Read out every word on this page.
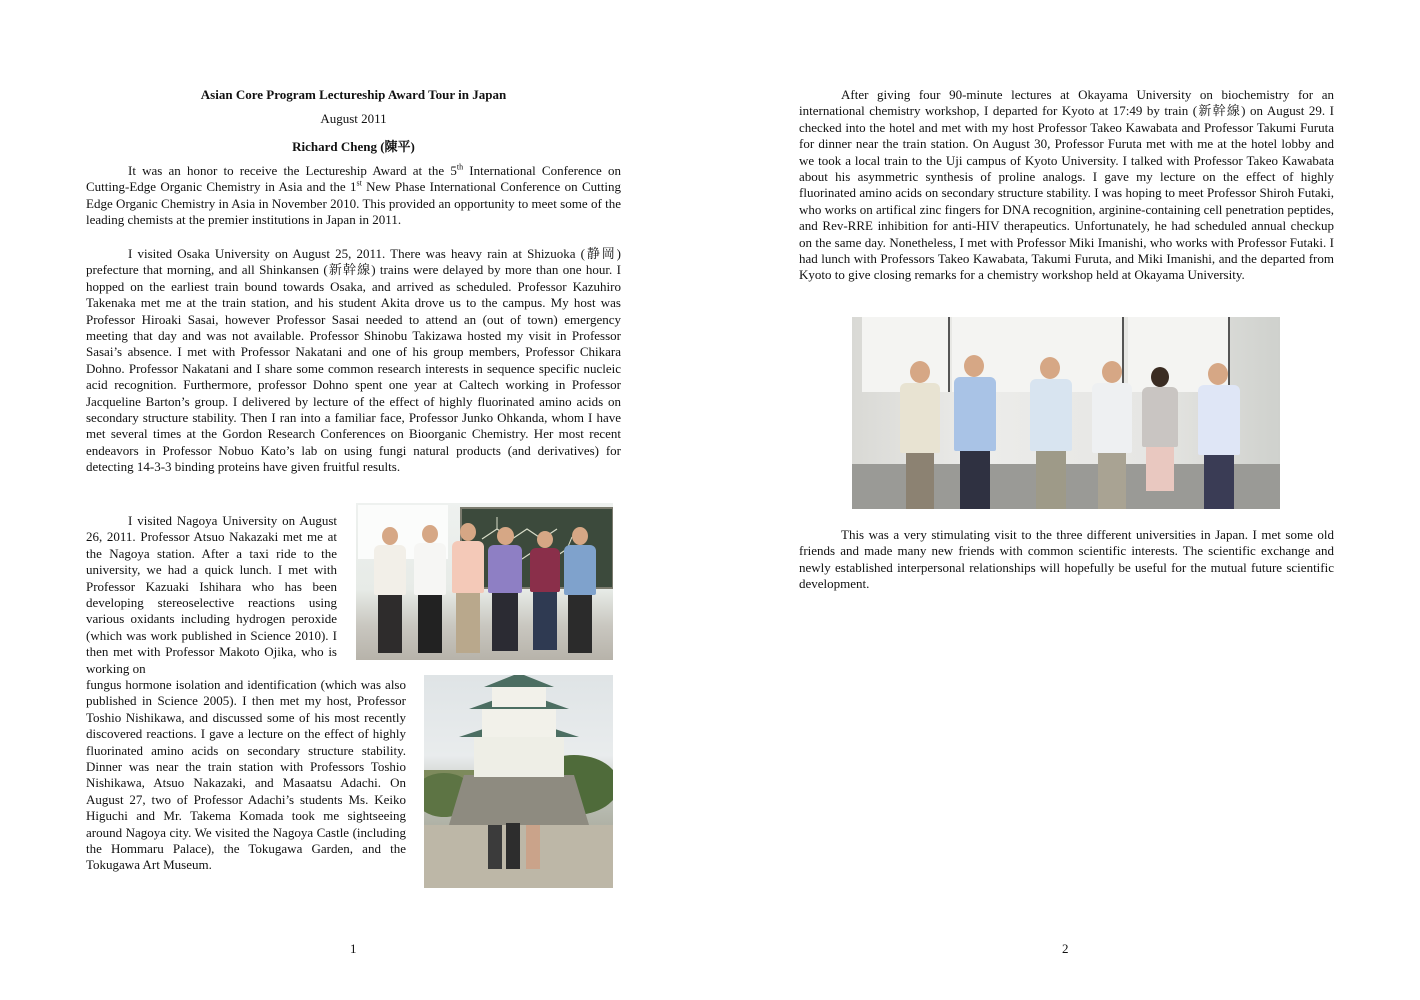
Asian Core Program Lectureship Award Tour in Japan
August 2011
Richard Cheng (陳平)

It was an honor to receive the Lectureship Award at the 5th International Conference on Cutting-Edge Organic Chemistry in Asia and the 1st New Phase International Conference on Cutting Edge Organic Chemistry in Asia in November 2010. This provided an opportunity to meet some of the leading chemists at the premier institutions in Japan in 2011.

I visited Osaka University on August 25, 2011. There was heavy rain at Shizuoka (静岡) prefecture that morning, and all Shinkansen (新幹線) trains were delayed by more than one hour. I hopped on the earliest train bound towards Osaka, and arrived as scheduled. Professor Kazuhiro Takenaka met me at the train station, and his student Akita drove us to the campus. My host was Professor Hiroaki Sasai, however Professor Sasai needed to attend an (out of town) emergency meeting that day and was not available. Professor Shinobu Takizawa hosted my visit in Professor Sasai’s absence. I met with Professor Nakatani and one of his group members, Professor Chikara Dohno. Professor Nakatani and I share some common research interests in sequence specific nucleic acid recognition. Furthermore, professor Dohno spent one year at Caltech working in Professor Jacqueline Barton’s group. I delivered by lecture of the effect of highly fluorinated amino acids on secondary structure stability. Then I ran into a familiar face, Professor Junko Ohkanda, whom I have met several times at the Gordon Research Conferences on Bioorganic Chemistry. Her most recent endeavors in Professor Nobuo Kato’s lab on using fungi natural products (and derivatives) for detecting 14-3-3 binding proteins have given fruitful results.

I visited Nagoya University on August 26, 2011. Professor Atsuo Nakazaki met me at the Nagoya station. After a taxi ride to the university, we had a quick lunch. I met with Professor Kazuaki Ishihara who has been developing stereoselective reactions using various oxidants including hydrogen peroxide (which was work published in Science 2010). I then met with Professor Makoto Ojika, who is working on

fungus hormone isolation and identification (which was also published in Science 2005). I then met my host, Professor Toshio Nishikawa, and discussed some of his most recently discovered reactions. I gave a lecture on the effect of highly fluorinated amino acids on secondary structure stability. Dinner was near the train station with Professors Toshio Nishikawa, Atsuo Nakazaki, and Masaatsu Adachi. On August 27, two of Professor Adachi’s students Ms. Keiko Higuchi and Mr. Takema Komada took me sightseeing around Nagoya city. We visited the Nagoya Castle (including the Hommaru Palace), the Tokugawa Garden, and the Tokugawa Art Museum.

1

After giving four 90-minute lectures at Okayama University on biochemistry for an international chemistry workshop, I departed for Kyoto at 17:49 by train (新幹線) on August 29. I checked into the hotel and met with my host Professor Takeo Kawabata and Professor Takumi Furuta for dinner near the train station. On August 30, Professor Furuta met with me at the hotel lobby and we took a local train to the Uji campus of Kyoto University. I talked with Professor Takeo Kawabata about his asymmetric synthesis of proline analogs. I gave my lecture on the effect of highly fluorinated amino acids on secondary structure stability. I was hoping to meet Professor Shiroh Futaki, who works on artifical zinc fingers for DNA recognition, arginine-containing cell penetration peptides, and Rev-RRE inhibition for anti-HIV therapeutics. Unfortunately, he had scheduled annual checkup on the same day. Nonetheless, I met with Professor Miki Imanishi, who works with Professor Futaki. I had lunch with Professors Takeo Kawabata, Takumi Furuta, and Miki Imanishi, and the departed from Kyoto to give closing remarks for a chemistry workshop held at Okayama University.

This was a very stimulating visit to the three different universities in Japan. I met some old friends and made many new friends with common scientific interests. The scientific exchange and newly established interpersonal relationships will hopefully be useful for the mutual future scientific development.

2
